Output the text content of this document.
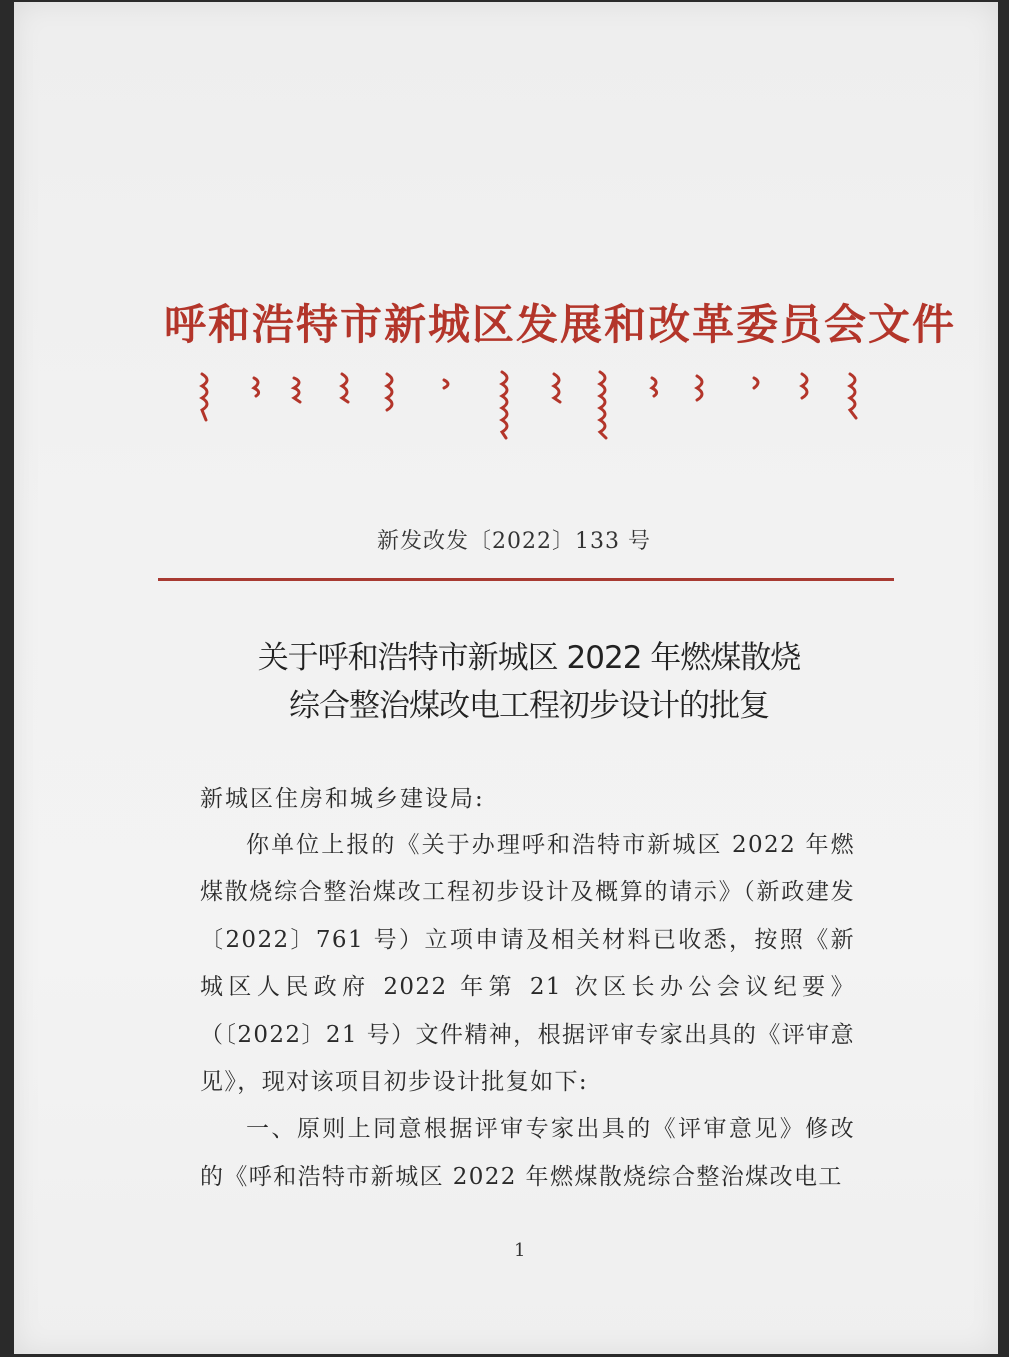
呼和浩特市新城区发展和改革委员会文件
新发改发〔2022〕133 号
关于呼和浩特市新城区 2022 年燃煤散烧
综合整治煤改电工程初步设计的批复
新城区住房和城乡建设局:

你单位上报的《关于办理呼和浩特市新城区 2022 年燃煤散烧综合整治煤改工程初步设计及概算的请示》（新政建发〔2022〕761 号）立项申请及相关材料已收悉，按照《新城区人民政府 2022 年第 21 次区长办公会议纪要》（〔2022〕21 号）文件精神，根据评审专家出具的《评审意见》，现对该项目初步设计批复如下:

一、原则上同意根据评审专家出具的《评审意见》修改的《呼和浩特市新城区 2022 年燃煤散烧综合整治煤改电工

1
